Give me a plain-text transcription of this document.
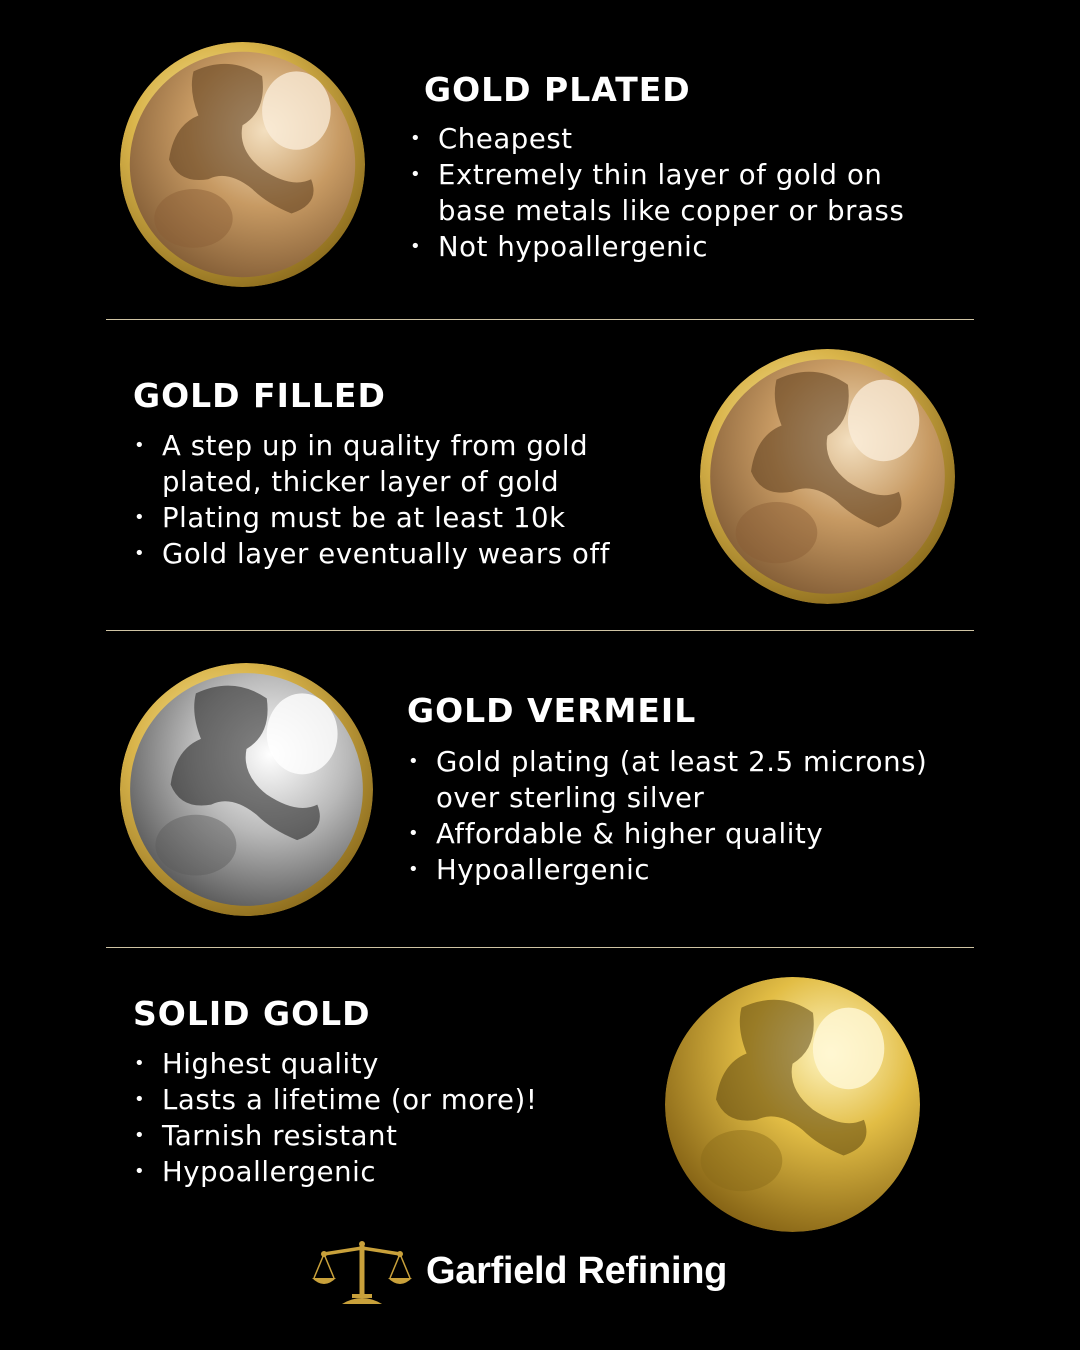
GOLD PLATED
• Cheapest
• Extremely thin layer of gold on
base metals like copper or brass
• Not hypoallergenic
GOLD FILLED
• A step up in quality from gold
plated, thicker layer of gold
• Plating must be at least 10k
• Gold layer eventually wears off
GOLD VERMEIL
• Gold plating (at least 2.5 microns)
over sterling silver
• Affordable & higher quality
• Hypoallergenic
SOLID GOLD
• Highest quality
• Lasts a lifetime (or more)!
• Tarnish resistant
• Hypoallergenic
Garfield Refining
